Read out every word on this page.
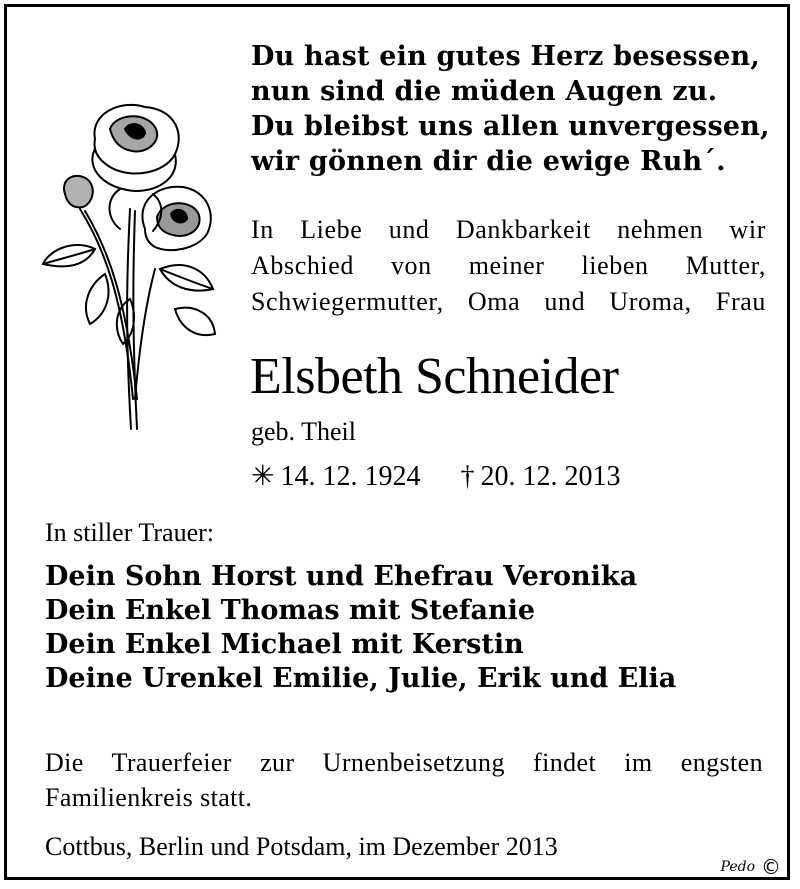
Du hast ein gutes Herz besessen,
nun sind die müden Augen zu.
Du bleibst uns allen unvergessen,
wir gönnen dir die ewige Ruh´.
In Liebe und Dankbarkeit nehmen wir
Abschied von meiner lieben Mutter,
Schwiegermutter, Oma und Uroma, Frau
Elsbeth Schneider
geb. Theil
✳ 14. 12. 1924 † 20. 12. 2013
In stiller Trauer:
Dein Sohn Horst und Ehefrau Veronika
Dein Enkel Thomas mit Stefanie
Dein Enkel Michael mit Kerstin
Deine Urenkel Emilie, Julie, Erik und Elia
Die Trauerfeier zur Urnenbeisetzung findet im engsten
Familienkreis statt.
Cottbus, Berlin und Potsdam, im Dezember 2013
Pedo ©
